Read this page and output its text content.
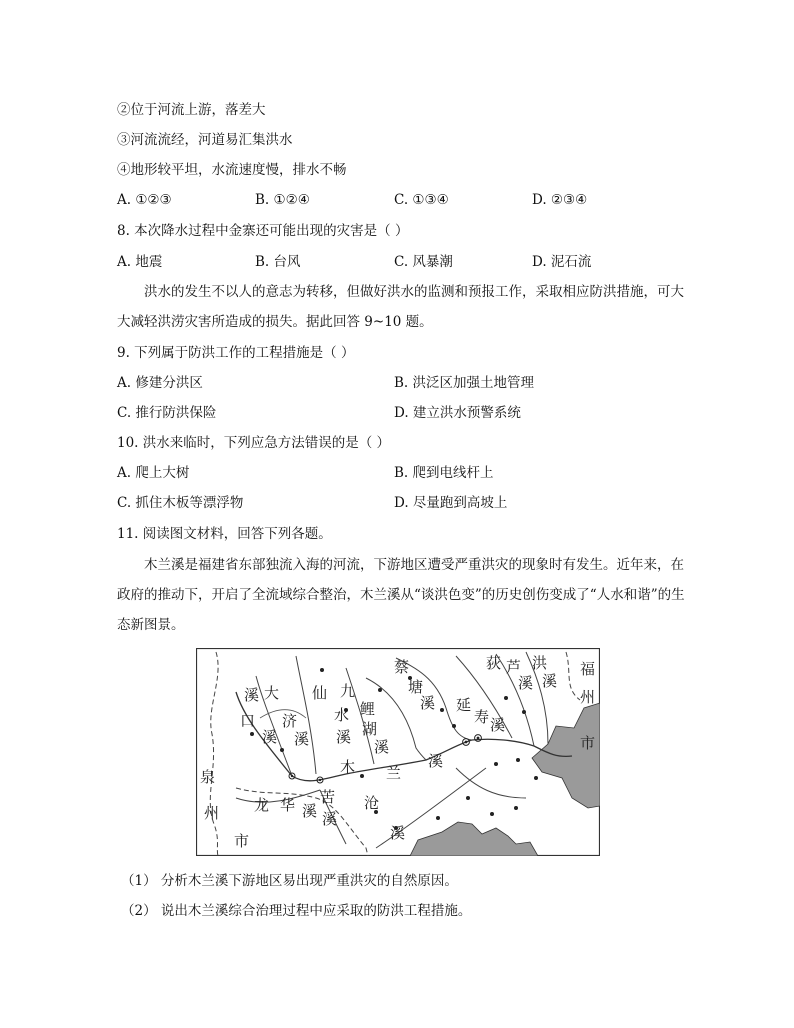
②位于河流上游，落差大
③河流流经，河道易汇集洪水
④地形较平坦，水流速度慢，排水不畅
A. ①②③	B. ①②④	C. ①③④	D. ②③④
8. 本次降水过程中金寨还可能出现的灾害是（ ）
A. 地震	B. 台风	C. 风暴潮	D. 泥石流
洪水的发生不以人的意志为转移，但做好洪水的监测和预报工作，采取相应防洪措施，可大大减轻洪涝灾害所造成的损失。据此回答 9~10 题。
9. 下列属于防洪工作的工程措施是（ ）
A. 修建分洪区	B. 洪泛区加强土地管理
C. 推行防洪保险	D. 建立洪水预警系统
10. 洪水来临时，下列应急方法错误的是（ ）
A. 爬上大树	B. 爬到电线杆上
C. 抓住木板等漂浮物	D. 尽量跑到高坡上
11. 阅读图文材料，回答下列各题。
木兰溪是福建省东部独流入海的河流，下游地区遭受严重洪灾的现象时有发生。近年来，在政府的推动下，开启了全流域综合整治，木兰溪从“谈洪色变”的历史创伤变成了“人水和谐”的生态新图景。
溪 大
口
溪
济
溪
仙 九
水
溪
鲤
湖
溪
蔡
塘
溪 延
寿 溪
荻 芦
溪
洪
溪
福
州
市
木 兰
溪
泉
州
市
龙 华 溪
苦
溪
沧
溪
（1） 分析木兰溪下游地区易出现严重洪灾的自然原因。
（2） 说出木兰溪综合治理过程中应采取的防洪工程措施。
